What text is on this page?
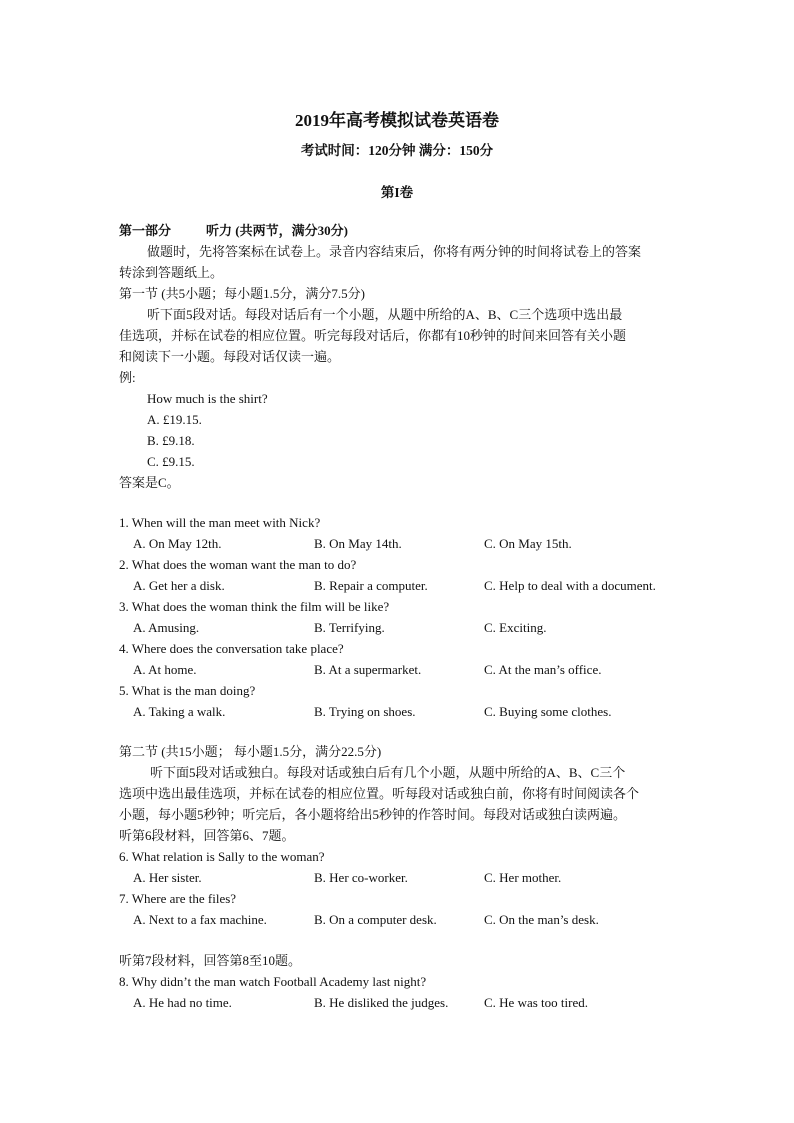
2019年高考模拟试卷英语卷
考试时间：120分钟 满分：150分
第I卷
第一部分	听力 (共两节，满分30分)
做题时，先将答案标在试卷上。录音内容结束后，你将有两分钟的时间将试卷上的答案
转涂到答题纸上。
第一节 (共5小题；每小题1.5分，满分7.5分)
听下面5段对话。每段对话后有一个小题，从题中所给的A、B、C三个选项中选出最
佳选项，并标在试卷的相应位置。听完每段对话后，你都有10秒钟的时间来回答有关小题
和阅读下一小题。每段对话仅读一遍。
例:
How much is the shirt?
A. £19.15.
B. £9.18.
C. £9.15.
答案是C。
1. When will the man meet with Nick?
A. On May 12th.	B. On May 14th.	C. On May 15th.
2. What does the woman want the man to do?
A. Get her a disk.	B. Repair a computer.	C. Help to deal with a document.
3. What does the woman think the film will be like?
A. Amusing.	B. Terrifying.	C. Exciting.
4. Where does the conversation take place?
A. At home.	B. At a supermarket.	C. At the man’s office.
5. What is the man doing?
A. Taking a walk.	B. Trying on shoes.	C. Buying some clothes.
第二节 (共15小题； 每小题1.5分，满分22.5分)
听下面5段对话或独白。每段对话或独白后有几个小题，从题中所给的A、B、C三个
选项中选出最佳选项，并标在试卷的相应位置。听每段对话或独白前，你将有时间阅读各个
小题，每小题5秒钟；听完后，各小题将给出5秒钟的作答时间。每段对话或独白读两遍。
听第6段材料，回答第6、7题。
6. What relation is Sally to the woman?
A. Her sister.	B. Her co-worker.	C. Her mother.
7. Where are the files?
A. Next to a fax machine.	B. On a computer desk.	C. On the man’s desk.
听第7段材料，回答第8至10题。
8. Why didn’t the man watch Football Academy last night?
A. He had no time.	B. He disliked the judges.	C. He was too tired.
